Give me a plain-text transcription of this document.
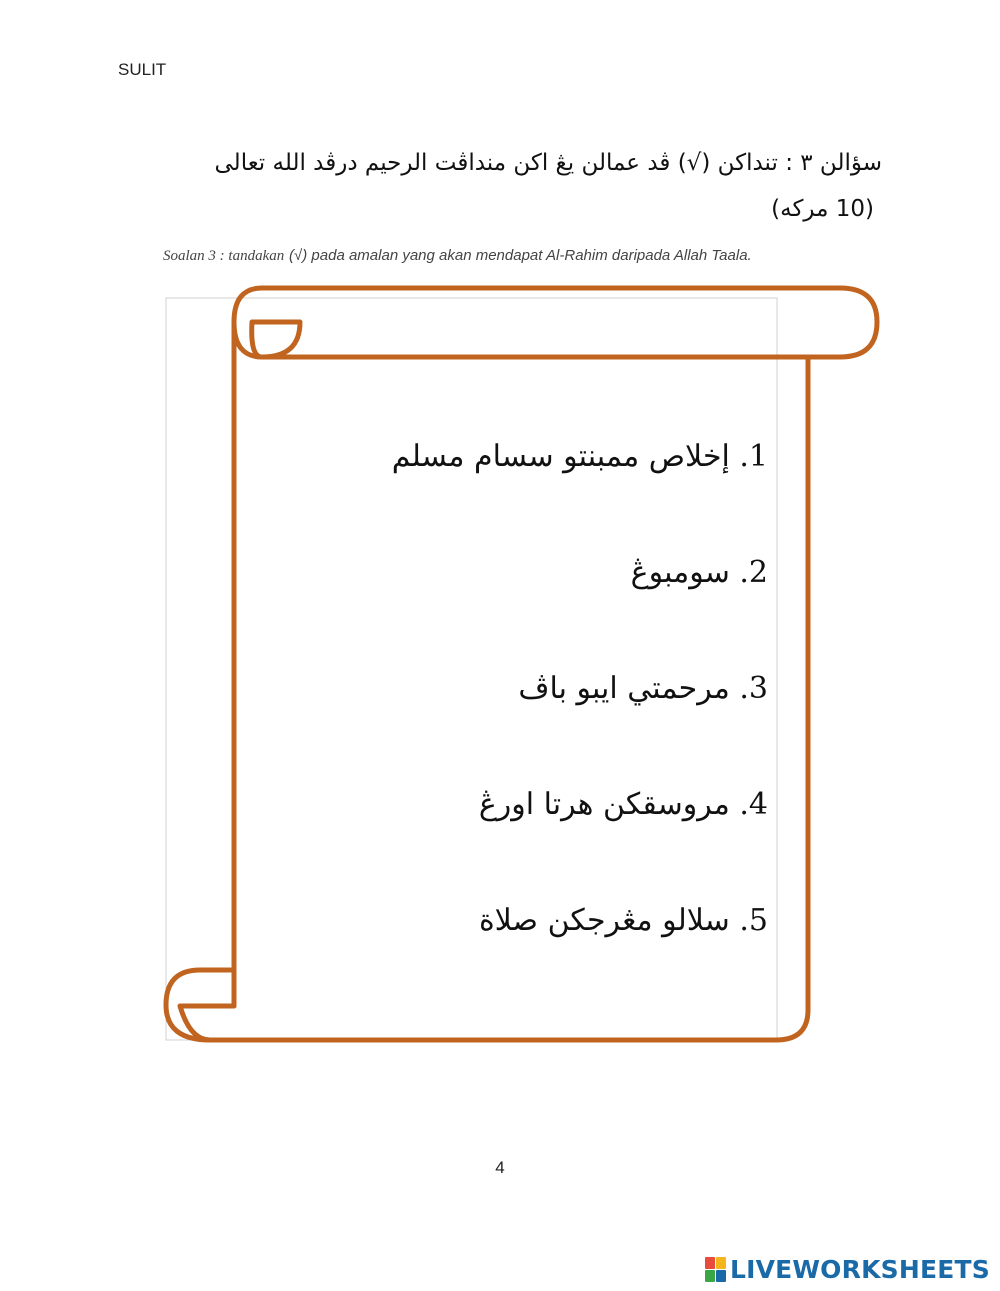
SULIT
سؤالن ٣ : تنداكن (√) ڤد عمالن يڠ اكن منداڤت الرحيم درڤد الله تعالى
(10 مركه)
Soalan 3 : tandakan (√) pada amalan yang akan mendapat Al-Rahim daripada Allah Taala.
1. إخلاص ممبنتو سسام مسلم
2. سومبوڠ
3. مرحمتي ايبو باڤ
4. مروسقكن هرتا اورڠ
5. سلالو مڠرجكن صلاة
4
LIVEWORKSHEETS
